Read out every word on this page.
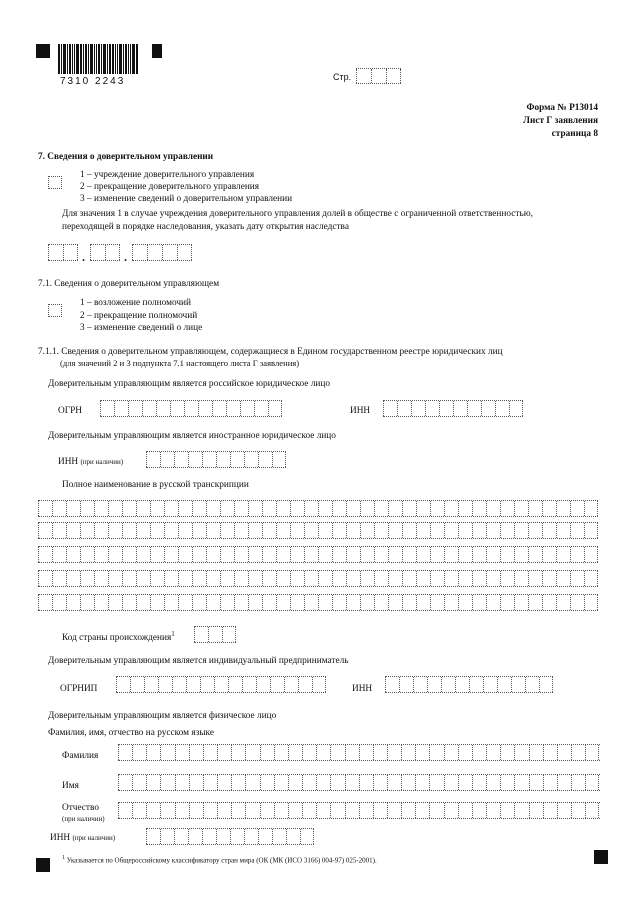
7310 2243	Стр.
Форма № Р13014
Лист Г заявления
страница 8
7. Сведения о доверительном управлении
1 – учреждение доверительного управления
2 – прекращение доверительного управления
3 – изменение сведений о доверительном управлении
Для значения 1 в случае учреждения доверительного управления долей в обществе с ограниченной ответственностью,
переходящей в порядке наследования, указать дату открытия наследства
.	.
7.1. Сведения о доверительном управляющем
1 – возложение полномочий
2 – прекращение полномочий
3 – изменение сведений о лице
7.1.1. Сведения о доверительном управляющем, содержащиеся в Едином государственном реестре юридических лиц
(для значений 2 и 3 подпункта 7.1 настоящего листа Г заявления)
Доверительным управляющим является российское юридическое лицо
ОГРН	ИНН
Доверительным управляющим является иностранное юридическое лицо
ИНН (при наличии)
Полное наименование в русской транскрипции
Код страны происхождения$^1$
Доверительным управляющим является индивидуальный предприниматель
ОГРНИП	ИНН
Доверительным управляющим является физическое лицо
Фамилия, имя, отчество на русском языке
Фамилия
Имя
Отчество
(при наличии)
ИНН (при наличии)
$^1$ Указывается по Общероссийскому классификатору стран мира (ОК (МК (ИСО 3166) 004-97) 025-2001).
